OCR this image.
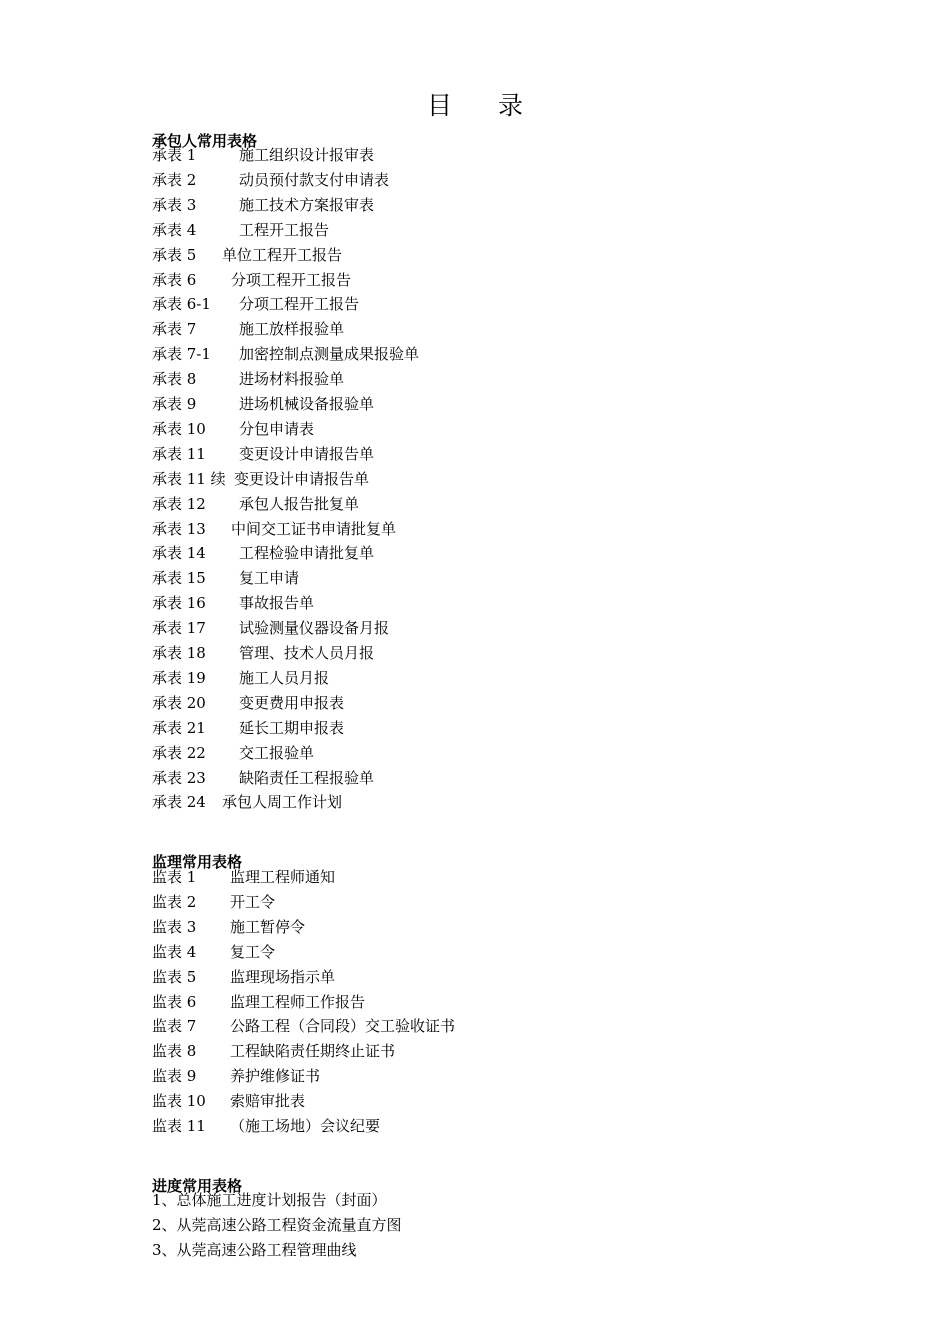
目 录
承包人常用表格
承表 1	施工组织设计报审表
承表 2	动员预付款支付申请表
承表 3	施工技术方案报审表
承表 4	工程开工报告
承表 5 单位工程开工报告
承表 6 分项工程开工报告
承表 6-1 分项工程开工报告
承表 7	施工放样报验单
承表 7-1 加密控制点测量成果报验单
承表 8	进场材料报验单
承表 9	进场机械设备报验单
承表 10 分包申请表
承表 11 变更设计申请报告单
承表 11 续 变更设计申请报告单
承表 12 承包人报告批复单
承表 13 中间交工证书申请批复单
承表 14 工程检验申请批复单
承表 15 复工申请
承表 16 事故报告单
承表 17 试验测量仪器设备月报
承表 18 管理、技术人员月报
承表 19 施工人员月报
承表 20 变更费用申报表
承表 21 延长工期申报表
承表 22 交工报验单
承表 23 缺陷责任工程报验单
承表 24 承包人周工作计划
监理常用表格
监表 1 监理工程师通知
监表 2 开工令
监表 3 施工暂停令
监表 4 复工令
监表 5 监理现场指示单
监表 6 监理工程师工作报告
监表 7 公路工程（合同段）交工验收证书
监表 8 工程缺陷责任期终止证书
监表 9 养护维修证书
监表 10 索赔审批表
监表 11 （施工场地）会议纪要
进度常用表格
1、总体施工进度计划报告（封面）
2、从莞高速公路工程资金流量直方图
3、从莞高速公路工程管理曲线
